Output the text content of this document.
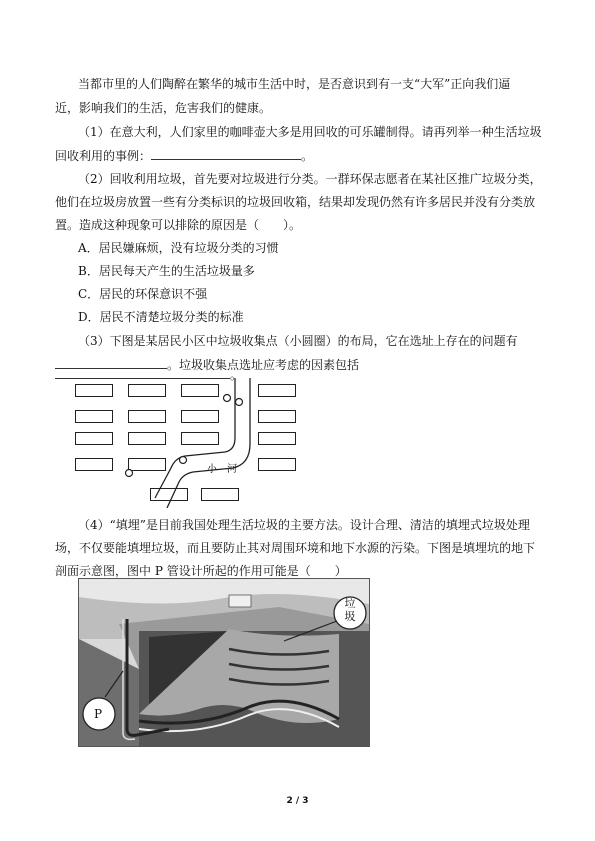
当都市里的人们陶醉在繁华的城市生活中时，是否意识到有一支“大军”正向我们逼
近，影响我们的生活，危害我们的健康。
（1）在意大利，人们家里的咖啡壶大多是用回收的可乐罐制得。请再列举一种生活垃圾
回收利用的事例：	。
（2）回收利用垃圾，首先要对垃圾进行分类。一群环保志愿者在某社区推广垃圾分类，
他们在垃圾房放置一些有分类标识的垃圾回收箱，结果却发现仍然有许多居民并没有分类放
置。造成这种现象可以排除的原因是（　　）。
A．居民嫌麻烦，没有垃圾分类的习惯
B．居民每天产生的生活垃圾量多
C．居民的环保意识不强
D．居民不清楚垃圾分类的标准
（3）下图是某居民小区中垃圾收集点（小圆圈）的布局，它在选址上存在的问题有
。垃圾收集点选址应考虑的因素包括
。
小　河
（4）“填埋”是目前我国处理生活垃圾的主要方法。设计合理、清洁的填埋式垃圾处理
场，不仅要能填埋垃圾，而且要防止其对周围环境和地下水源的污染。下图是填埋坑的地下
剖面示意图，图中 P 管设计所起的作用可能是（　　）
垃圾
P
2 / 3
